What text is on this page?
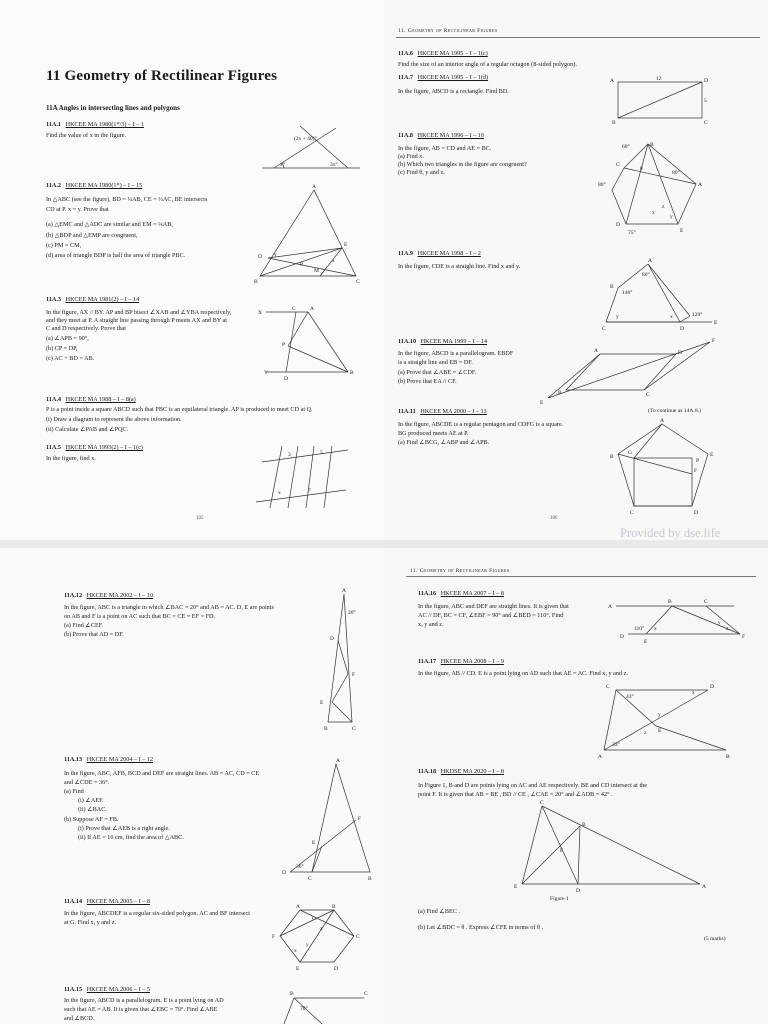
11 Geometry of Rectilinear Figures
11A Angles in intersecting lines and polygons
11A.1 HKCEE MA 1980(1*/3) – I – 1
Find the value of x in the figure.	(2x + 40)°
x°	3x°
11A.2 HKCEE MA 1980(1*) – I – 15
In △ABC (see the figure), BD = ¼AB, CE = ⅓AC, BE intersects
CD at P. x = y. Prove that
(a) △EMC and △ADC are similar and EM = ¼AB,
(b) △BDP and △EMP are congruent,
(c) PM = CM,
(d) area of triangle BDP is half the area of triangle PBC.
A
D y
x
E
P
M
B	C
11A.3 HKCEE MA 1981(2) – I – 14
In the figure, AX // BY. AP and BP bisect ∠XAB and ∠YBA respectively,
and they meet at P. A straight line passing through P meets AX and BY at
C and D respectively. Prove that
(a) ∠APB = 90°,
(b) CP = DP,
(c) AC + BD = AB.
X
C	A
P
Y
D
B
11A.4 HKCEE MA 1988 – I – 8(a)
P is a point inside a square ABCD such that PBC is an equilateral triangle. AP is produced to meet CD at Q.
(i) Draw a diagram to represent the above information.
(ii) Calculate ∠PAB and ∠PQC.
11A.5 HKCEE MA 1993(2) – I – 1(c)
In the figure, find x.	3	5
x	7
105
11. Geometry of Rectilinear Figures
11A.6 HKCEE MA 1995 – I – 1(c)
Find the size of an interior angle of a regular octagon (8-sided polygon).
11A.7 HKCEE MA 1995 – I – 1(d)
In the figure, ABCD is a rectangle. Find BD.
A	12	D
5
B	C
11A.8 HKCEE MA 1996 – I – 10
In the figure, AB = CD and AE = BC.
(a) Find x.
(b) Which two triangles in the figure are congruent?
(c) Find θ, y and z.
60°	B
C
θ
80°
80°
A
z
y
x
D
75°	E
11A.9 HKCEE MA 1998 – I – 2
In the figure, CDE is a straight line. Find x and y.
A
80°
B
140°
y	x	120°
C	D
E
11A.10 HKCEE MA 1999 – I – 14
In the figure, ABCD is a parallelogram. EBDF
is a straight line and EB = DF.
(a) Prove that ∠ABE = ∠CDF.
(b) Prove that EA // CF.
A	D
F
B	C
E
11A.11 HKCEE MA 2000 – I – 13	(To continue as 14A.8.)
In the figure, ABCDE is a regular pentagon and CDFG is a square.
BG produced meets AE at P.
(a) Find ∠BCG, ∠ABP and ∠APB.
A
P
B
G
F
E
C	D
106
Provided by dse.life
11A.12 HKCEE MA 2002 – I – 10
In the figure, ABC is a triangle in which ∠BAC = 20° and AB = AC. D, E are points
on AB and F is a point on AC such that BC = CE = EF = FD.
(a) Find ∠CEF.
(b) Prove that AD = DF.
A
20°
D
F
E
B	C
11A.13 HKCEE MA 2004 – I – 12
In the figure, ABC, AFB, BCD and DEF are straight lines. AB = AC, CD = CE
and ∠CDE = 36°.
(a) Find
(i) ∠AEF.
(ii) ∠BAC.
(b) Suppose AF = FB.
(i) Prove that ∠AEB is a right angle.
(ii) If AE = 10 cm, find the area of △ABC.
A
F
E
D
36°
C	B
11A.14 HKCEE MA 2005 – I – 8
In the figure, ABCDEF is a regular six-sided polygon. AC and BF intersect
at G. Find x, y and z.
A	B
G
z
C
F
x
y
E	D
11A.15 HKCEE MA 2006 – I – 5
In the figure, ABCD is a parallelogram. E is a point lying on AD
such that AE = AB. It is given that ∠EBC = 70°. Find ∠ABE
and ∠BCD.
B	C
70°
11. Geometry of Rectilinear Figures
11A.16 HKCEE MA 2007 – I – 8
In the figure, ABC and DEF are straight lines. It is given that
AC // DF, BC = CF, ∠EBF = 90° and ∠BED = 110°. Find
x, y and z.
A
B	C
110° x
D
E
z
y
F
11A.17 HKCEE MA 2008 – I – 9
In the figure, AB // CD. E is a point lying on AD such that AE = AC. Find x, y and z.
C
43°
x
D
y
E
z
33°
A	B
11A.18 HKDSE MA 2020 – I – 8
In Figure 1, B and D are points lying on AC and AE respectively. BE and CD intersect at the
point F. It is given that AB = BE , BD // CE , ∠CAE = 20° and ∠ADB = 42° .
C
B
F
E
D
A
Figure 1
(a) Find ∠BEC .
(b) Let ∠BDC = θ . Express ∠CFE in terms of θ .
(5 marks)
